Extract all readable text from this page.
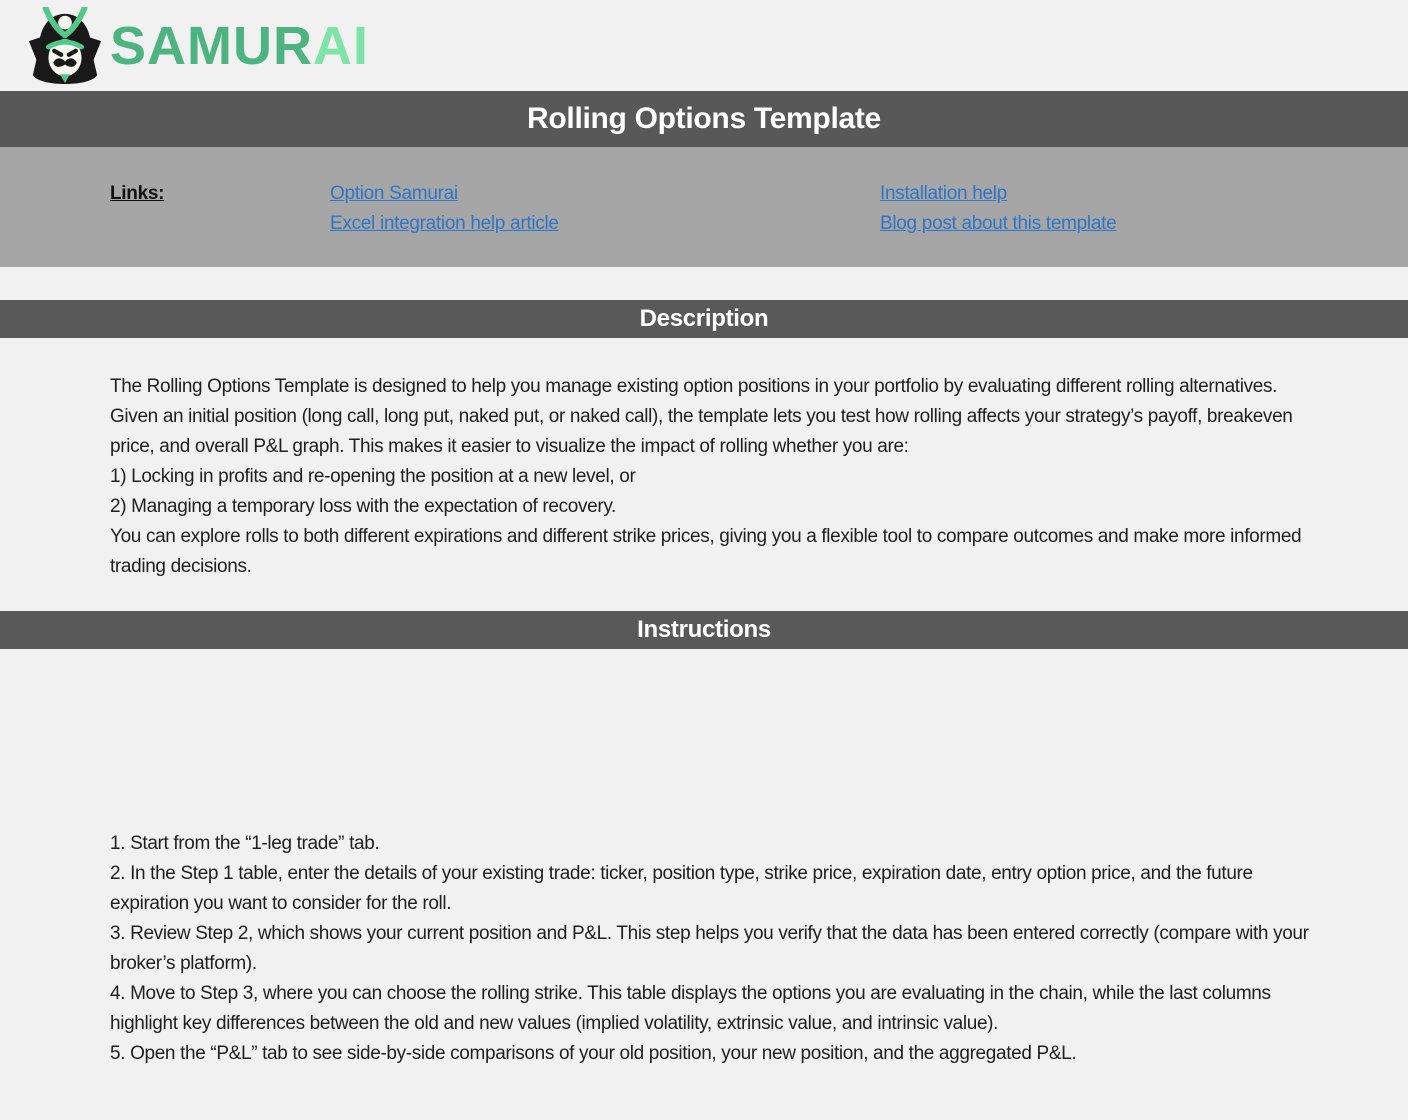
SAMURAI
Rolling Options Template
Links:	Option Samurai
Excel integration help article
Installation help
Blog post about this template
Description

The Rolling Options Template is designed to help you manage existing option positions in your portfolio by evaluating different rolling alternatives. Given an initial position (long call, long put, naked put, or naked call), the template lets you test how rolling affects your strategy’s payoff, breakeven price, and overall P&L graph. This makes it easier to visualize the impact of rolling whether you are:

1) Locking in profits and re-opening the position at a new level, or

2) Managing a temporary loss with the expectation of recovery.

You can explore rolls to both different expirations and different strike prices, giving you a flexible tool to compare outcomes and make more informed trading decisions.

Instructions

1. Start from the “1-leg trade” tab.

2. In the Step 1 table, enter the details of your existing trade: ticker, position type, strike price, expiration date, entry option price, and the future expiration you want to consider for the roll.

3. Review Step 2, which shows your current position and P&L. This step helps you verify that the data has been entered correctly (compare with your broker’s platform).

4. Move to Step 3, where you can choose the rolling strike. This table displays the options you are evaluating in the chain, while the last columns highlight key differences between the old and new values (implied volatility, extrinsic value, and intrinsic value).

5. Open the “P&L” tab to see side-by-side comparisons of your old position, your new position, and the aggregated P&L.
